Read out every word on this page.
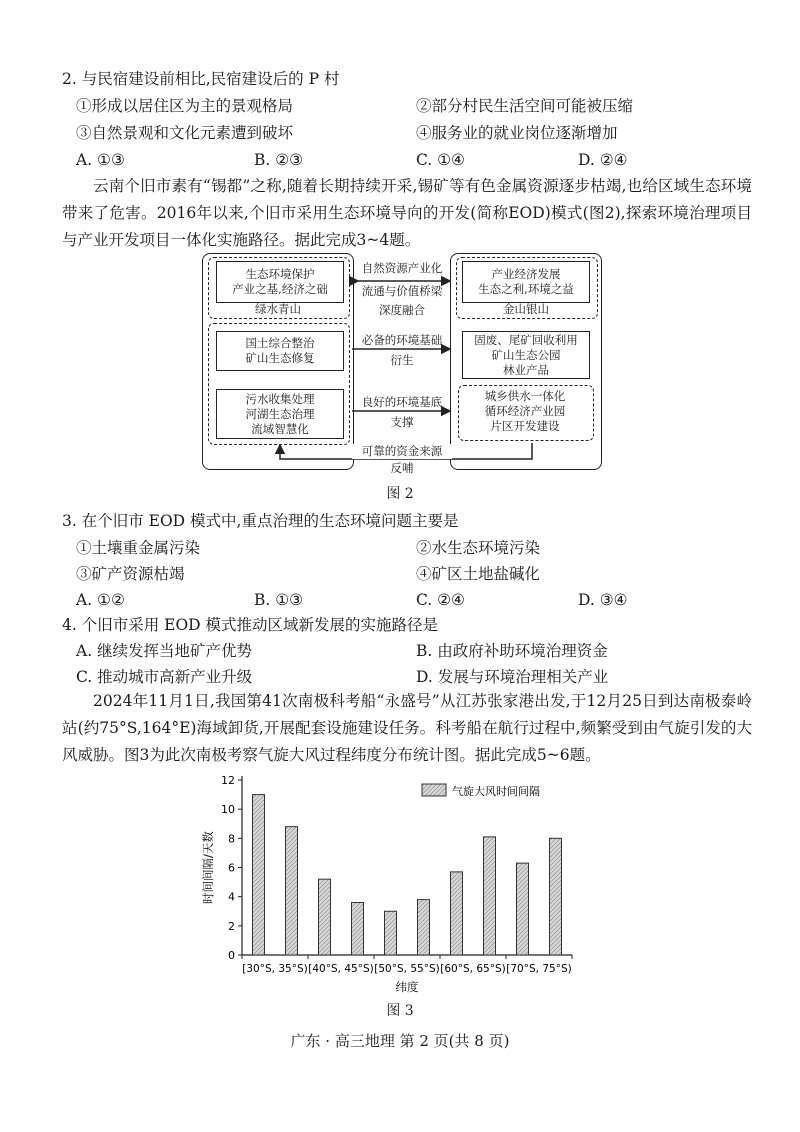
2. 与民宿建设前相比,民宿建设后的 P 村
①形成以居住区为主的景观格局	②部分村民生活空间可能被压缩
③自然景观和文化元素遭到破坏	④服务业的就业岗位逐渐增加
A. ①③	B. ②③	C. ①④	D. ②④
云南个旧市素有“锡都”之称,随着长期持续开采,锡矿等有色金属资源逐步枯竭,也给区域生态环境带来了危害。2016年以来,个旧市采用生态环境导向的开发(简称EOD)模式(图2),探索环境治理项目与产业开发项目一体化实施路径。据此完成3~4题。
生态环境保护
产业之基,经济之础
绿水青山
自然资源产业化
流通与价值桥梁
深度融合
产业经济发展
生态之利,环境之益
金山银山
国土综合整治
矿山生态修复
污水收集处理
河湖生态治理
流域智慧化
必备的环境基础
衍生
良好的环境基底
支撑
固废、尾矿回收利用
矿山生态公园
林业产品
城乡供水一体化
循环经济产业园
片区开发建设
可靠的资金来源
反哺
图 2
3. 在个旧市 EOD 模式中,重点治理的生态环境问题主要是
①土壤重金属污染	②水生态环境污染
③矿产资源枯竭	④矿区土地盐碱化
A. ①②	B. ①③	C. ②④	D. ③④
4. 个旧市采用 EOD 模式推动区域新发展的实施路径是
A. 继续发挥当地矿产优势	B. 由政府补助环境治理资金
C. 推动城市高新产业升级	D. 发展与环境治理相关产业
2024年11月1日,我国第41次南极科考船“永盛号”从江苏张家港出发,于12月25日到达南极泰岭站(约75°S,164°E)海域卸货,开展配套设施建设任务。科考船在航行过程中,频繁受到由气旋引发的大风威胁。图3为此次南极考察气旋大风过程纬度分布统计图。据此完成5~6题。
0
2
4
6
8
10
12
[30°S, 35°S) [40°S, 45°S) [50°S, 55°S) [60°S, 65°S) [70°S, 75°S)
纬度
时间间隔/天数
气旋大风时间间隔
图 3
广东 · 高三地理 第 2 页(共 8 页)
